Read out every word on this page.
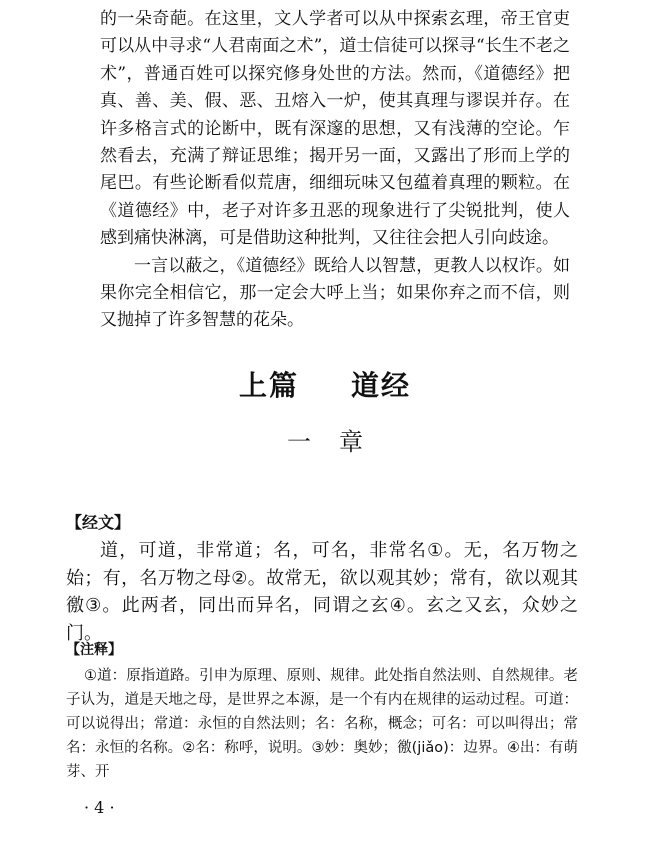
的一朵奇葩。在这里，文人学者可以从中探索玄理，帝王官吏可以从中寻求“人君南面之术”，道士信徒可以探寻“长生不老之术”，普通百姓可以探究修身处世的方法。然而，《道德经》把真、善、美、假、恶、丑熔入一炉，使其真理与谬误并存。在许多格言式的论断中，既有深邃的思想，又有浅薄的空论。乍然看去，充满了辩证思维；揭开另一面，又露出了形而上学的尾巴。有些论断看似荒唐，细细玩味又包蕴着真理的颗粒。在《道德经》中，老子对许多丑恶的现象进行了尖锐批判，使人感到痛快淋漓，可是借助这种批判，又往往会把人引向歧途。

一言以蔽之，《道德经》既给人以智慧，更教人以权诈。如果你完全相信它，那一定会大呼上当；如果你弃之而不信，则又抛掉了许多智慧的花朵。

上篇 道经
一 章
【经文】

道，可道，非常道；名，可名，非常名①。无，名万物之始；有，名万物之母②。故常无，欲以观其妙；常有，欲以观其徼③。此两者，同出而异名，同谓之玄④。玄之又玄，众妙之门。

【注释】

①道：原指道路。引申为原理、原则、规律。此处指自然法则、自然规律。老子认为，道是天地之母，是世界之本源，是一个有内在规律的运动过程。可道：可以说得出；常道：永恒的自然法则；名：名称，概念；可名：可以叫得出；常名：永恒的名称。②名：称呼，说明。③妙：奥妙；徼(jiǎo)：边界。④出：有萌芽、开

· 4 ·
